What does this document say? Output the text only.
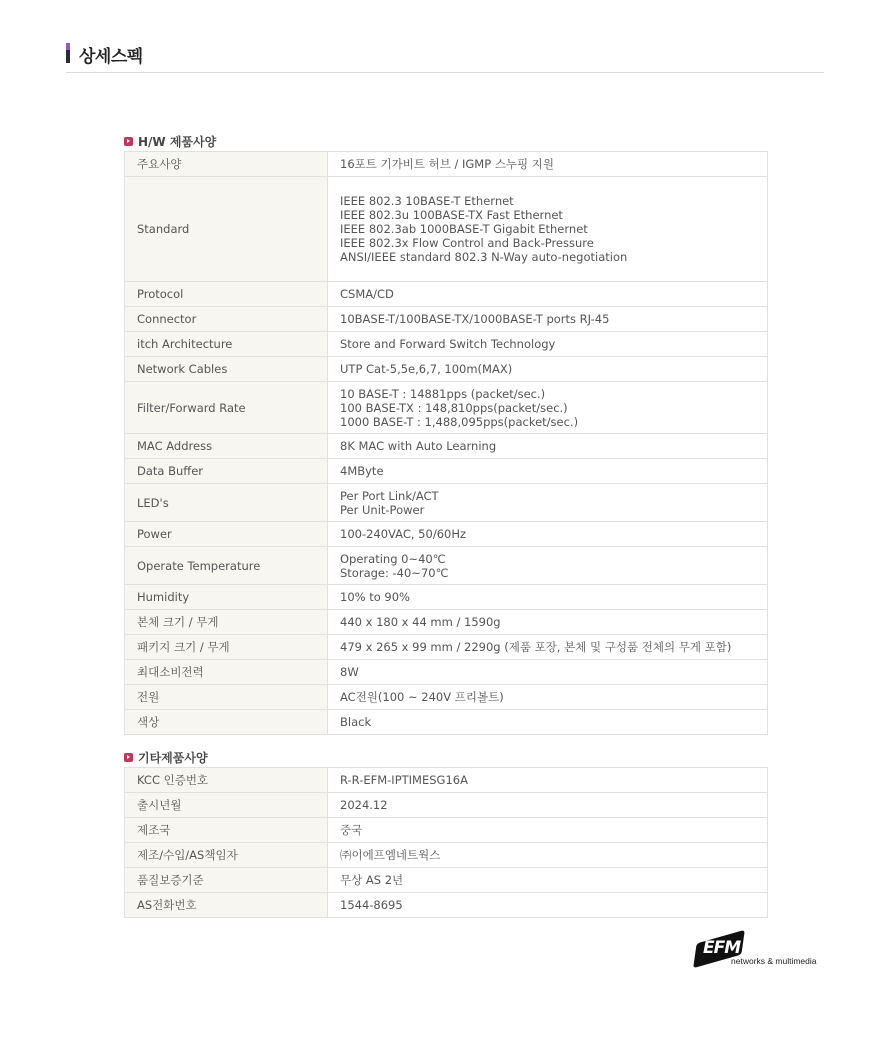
상세스펙
H/W 제품사양
주요사양	16포트 기가비트 허브 / IGMP 스누핑 지원

Standard	IEEE 802.3 10BASE-T Ethernet
IEEE 802.3u 100BASE-TX Fast Ethernet
IEEE 802.3ab 1000BASE-T Gigabit Ethernet
IEEE 802.3x Flow Control and Back-Pressure
ANSI/IEEE standard 802.3 N-Way auto-negotiation

Protocol	CSMA/CD

Connector	10BASE-T/100BASE-TX/1000BASE-T ports RJ-45

itch Architecture	Store and Forward Switch Technology

Network Cables	UTP Cat-5,5e,6,7, 100m(MAX)

Filter/Forward Rate	10 BASE-T : 14881pps (packet/sec.)
100 BASE-TX : 148,810pps(packet/sec.)
1000 BASE-T : 1,488,095pps(packet/sec.)

MAC Address	8K MAC with Auto Learning

Data Buffer	4MByte

LED's	Per Port Link/ACT
Per Unit-Power

Power	100-240VAC, 50/60Hz

Operate Temperature	Operating 0~40℃
Storage: -40~70℃

Humidity	10% to 90%

본체 크기 / 무게	440 x 180 x 44 mm / 1590g

패키지 크기 / 무게	479 x 265 x 99 mm / 2290g (제품 포장, 본체 및 구성품 전체의 무게 포함)

최대소비전력	8W

전원	AC전원(100 ~ 240V 프리볼트)

색상	Black
기타제품사양
KCC 인증번호	R-R-EFM-IPTIMESG16A

출시년월	2024.12

제조국	중국

제조/수입/AS책임자	㈜이에프엠네트웍스

품질보증기준	무상 AS 2년

AS전화번호	1544-8695
EFM
networks & multimedia
